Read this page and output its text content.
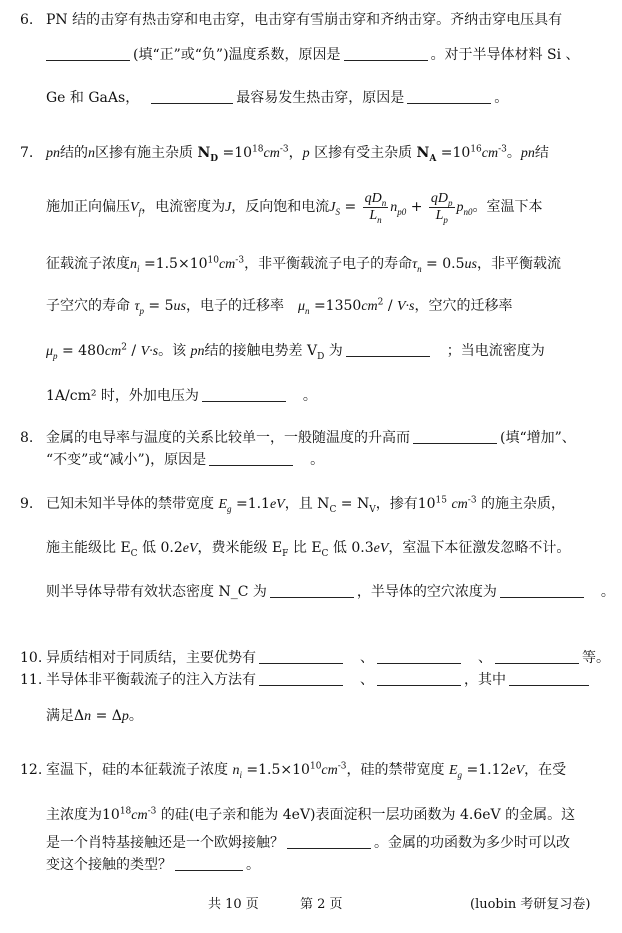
6. PN 结的击穿有热击穿和电击穿，电击穿有雪崩击穿和齐纳击穿。齐纳击穿电压具有
(填“正”或“负”)温度系数，原因是	。对于半导体材料 Si 、
Ge 和 GaAs，	最容易发生热击穿，原因是	。
7. pn结的n区掺有施主杂质 $N_D =10^{18}cm^{-3}$，p 区掺有受主杂质 $N_A =10^{16}cm^{-3}$。pn结
施加正向偏压$V_f$，电流密度为J，反向饱和电流$J_S = \frac{qD_n}{L_n} n_{p0} + \frac{qD_p}{L_p} p_{n0}$。室温下本
征载流子浓度$n_i =1.5\times 10^{10}cm^{-3}$，非平衡载流子电子的寿命$\tau_n = 0.5us$，非平衡载流
子空穴的寿命 $\tau_p = 5us$，电子的迁移率　$\mu_n =1350cm^2 / V\cdot s$，空穴的迁移率
$\mu_p = 480cm^2 / V\cdot s$。该 pn结的接触电势差 $V_D$ 为　	；当电流密度为
1A/cm² 时，外加电压为　	。
8. 金属的电导率与温度的关系比较单一，一般随温度的升高而	(填“增加”、
“不变”或“减小”)，原因是　	。
9. 已知未知半导体的禁带宽度 $E_g =1.1eV$，且 $N_C = N_V$，掺有$10^{15}$ $cm^{-3}$ 的施主杂质，
施主能级比 $E_C$ 低 0.2eV，费米能级 $E_F$ 比 $E_C$ 低 0.3eV，室温下本征激发忽略不计。
则半导体导带有效状态密度 N_C 为	，半导体的空穴浓度为　	。
10. 异质结相对于同质结，主要优势有　	、　	、	等。
11. 半导体非平衡载流子的注入方法有　	、	，其中
满足Δn = Δp。
12. 室温下，硅的本征载流子浓度 $n_i =1.5\times 10^{10}cm^{-3}$，硅的禁带宽度 $E_g =1.12eV$，在受
主浓度为$10^{18}cm^{-3}$ 的硅(电子亲和能为 4eV)表面淀积一层功函数为 4.6eV 的金属。这
是一个肖特基接触还是一个欧姆接触？	。金属的功函数为多少时可以改
变这个接触的类型？	。
共 10 页	第 2 页	(luobin 考研复习卷)
